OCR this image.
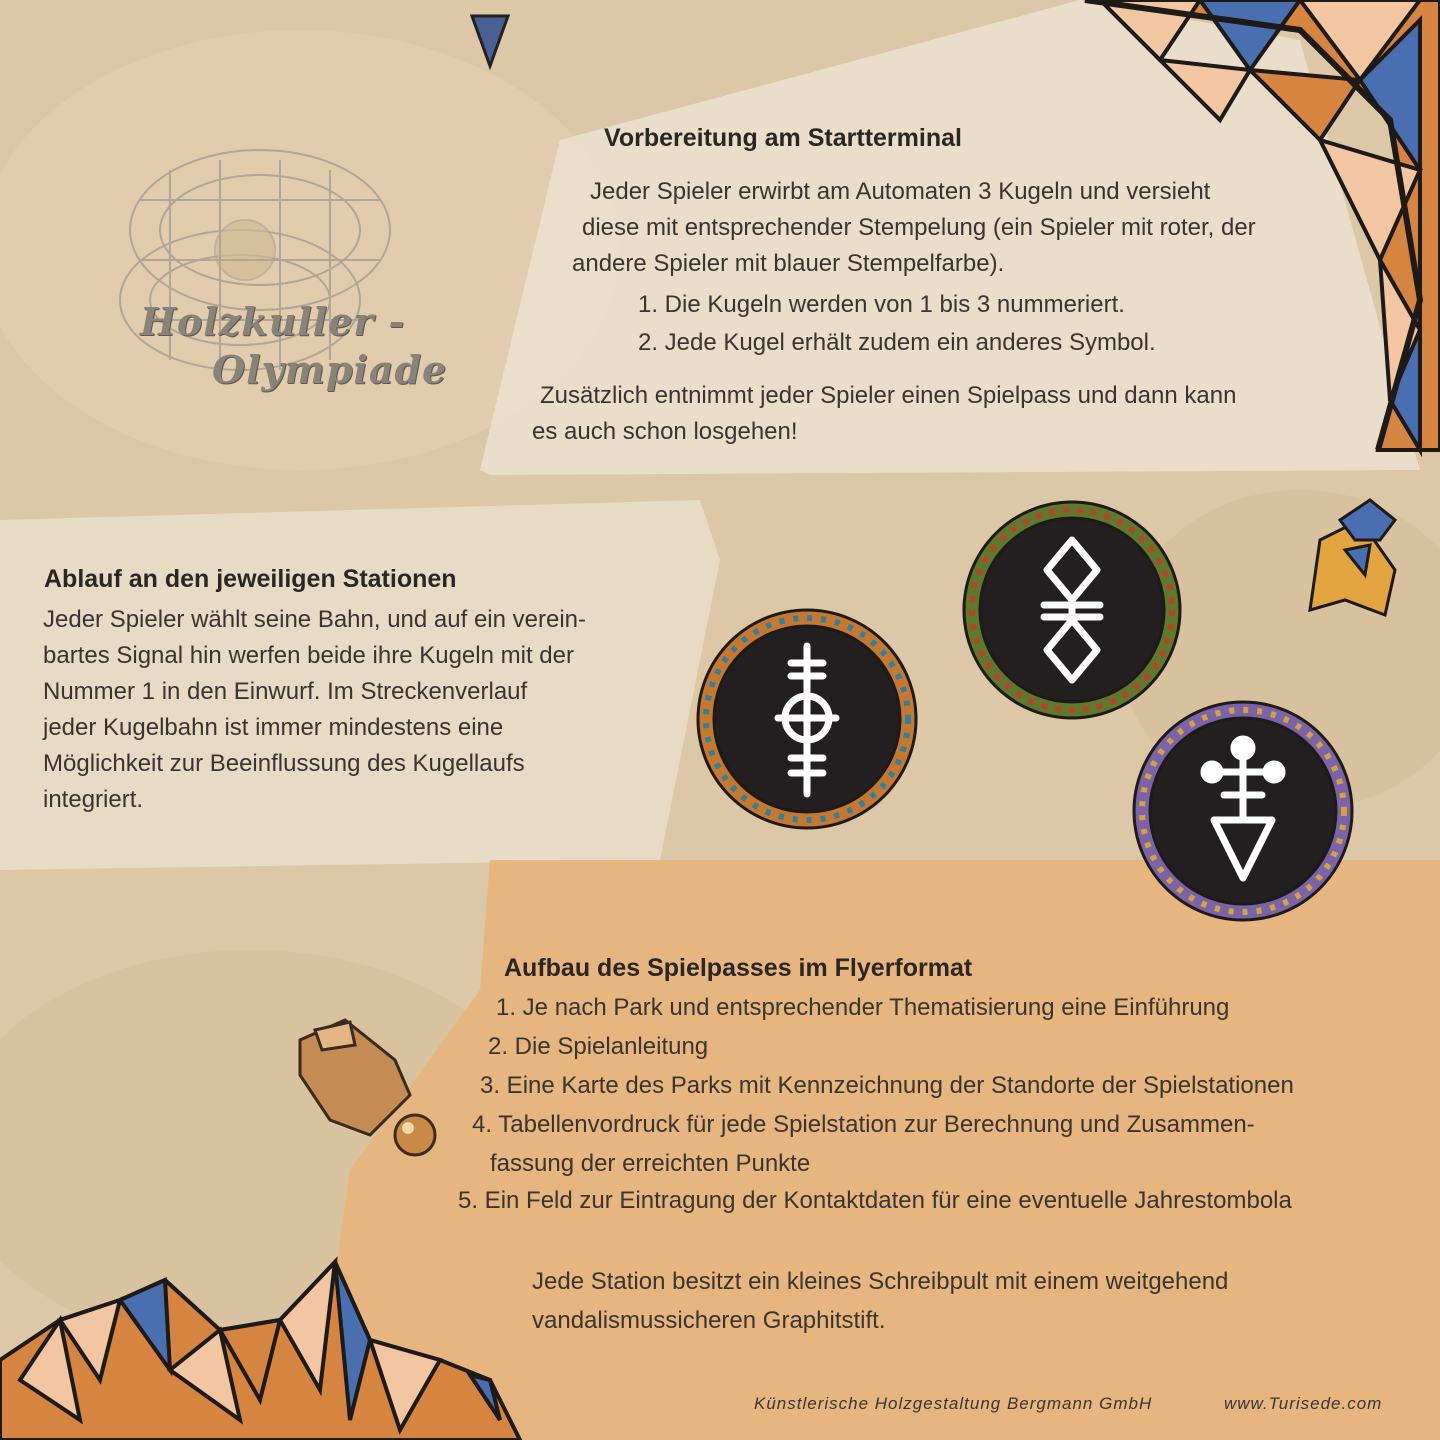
Holzkuller -
Olympiade
Vorbereitung am Startterminal
Jeder Spieler erwirbt am Automaten 3 Kugeln und versieht
diese mit entsprechender Stempelung (ein Spieler mit roter, der
andere Spieler mit blauer Stempelfarbe).
1. Die Kugeln werden von 1 bis 3 nummeriert.
2. Jede Kugel erhält zudem ein anderes Symbol.
Zusätzlich entnimmt jeder Spieler einen Spielpass und dann kann
es auch schon losgehen!
Ablauf an den jeweiligen Stationen
Jeder Spieler wählt seine Bahn, und auf ein verein-
bartes Signal hin werfen beide ihre Kugeln mit der
Nummer 1 in den Einwurf. Im Streckenverlauf
jeder Kugelbahn ist immer mindestens eine
Möglichkeit zur Beeinflussung des Kugellaufs
integriert.
Aufbau des Spielpasses im Flyerformat
1. Je nach Park und entsprechender Thematisierung eine Einführung
2. Die Spielanleitung
3. Eine Karte des Parks mit Kennzeichnung der Standorte der Spielstationen
4. Tabellenvordruck für jede Spielstation zur Berechnung und Zusammen-
fassung der erreichten Punkte
5. Ein Feld zur Eintragung der Kontaktdaten für eine eventuelle Jahrestombola
Jede Station besitzt ein kleines Schreibpult mit einem weitgehend
vandalismussicheren Graphitstift.
Künstlerische Holzgestaltung Bergmann GmbH	www.Turisede.com
